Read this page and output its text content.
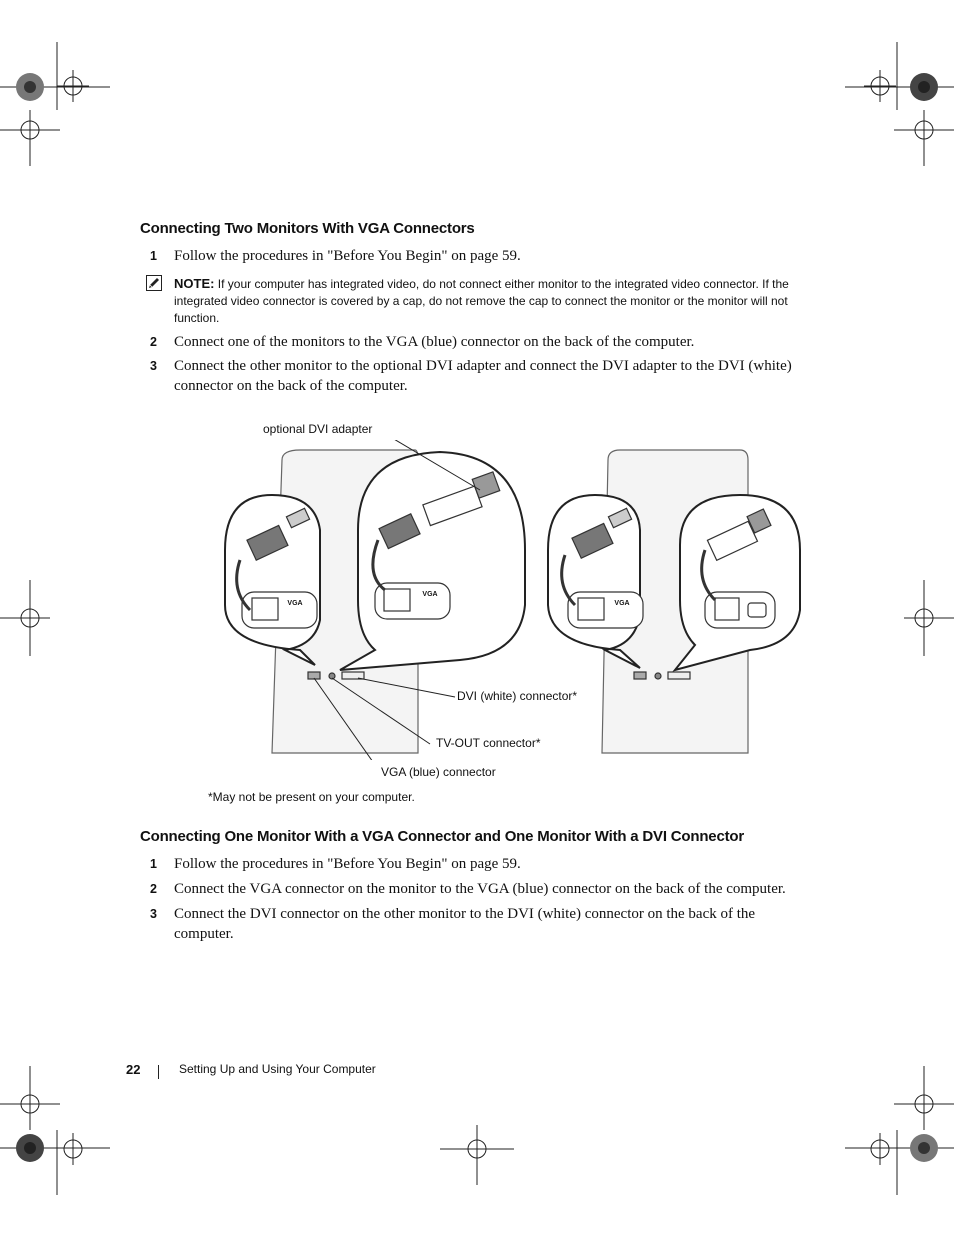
Connecting Two Monitors With VGA Connectors
1 Follow the procedures in "Before You Begin" on page 59.
NOTE: If your computer has integrated video, do not connect either monitor to the integrated video connector. If the integrated video connector is covered by a cap, do not remove the cap to connect the monitor or the monitor will not function.
2 Connect one of the monitors to the VGA (blue) connector on the back of the computer.
3 Connect the other monitor to the optional DVI adapter and connect the DVI adapter to the DVI (white) connector on the back of the computer.
VGA
VGA
VGA
optional DVI adapter
DVI (white) connector*
TV-OUT connector*
VGA (blue) connector
*May not be present on your computer.
Connecting One Monitor With a VGA Connector and One Monitor With a DVI Connector
1 Follow the procedures in "Before You Begin" on page 59.
2 Connect the VGA connector on the monitor to the VGA (blue) connector on the back of the computer.
3 Connect the DVI connector on the other monitor to the DVI (white) connector on the back of the computer.
22	Setting Up and Using Your Computer
